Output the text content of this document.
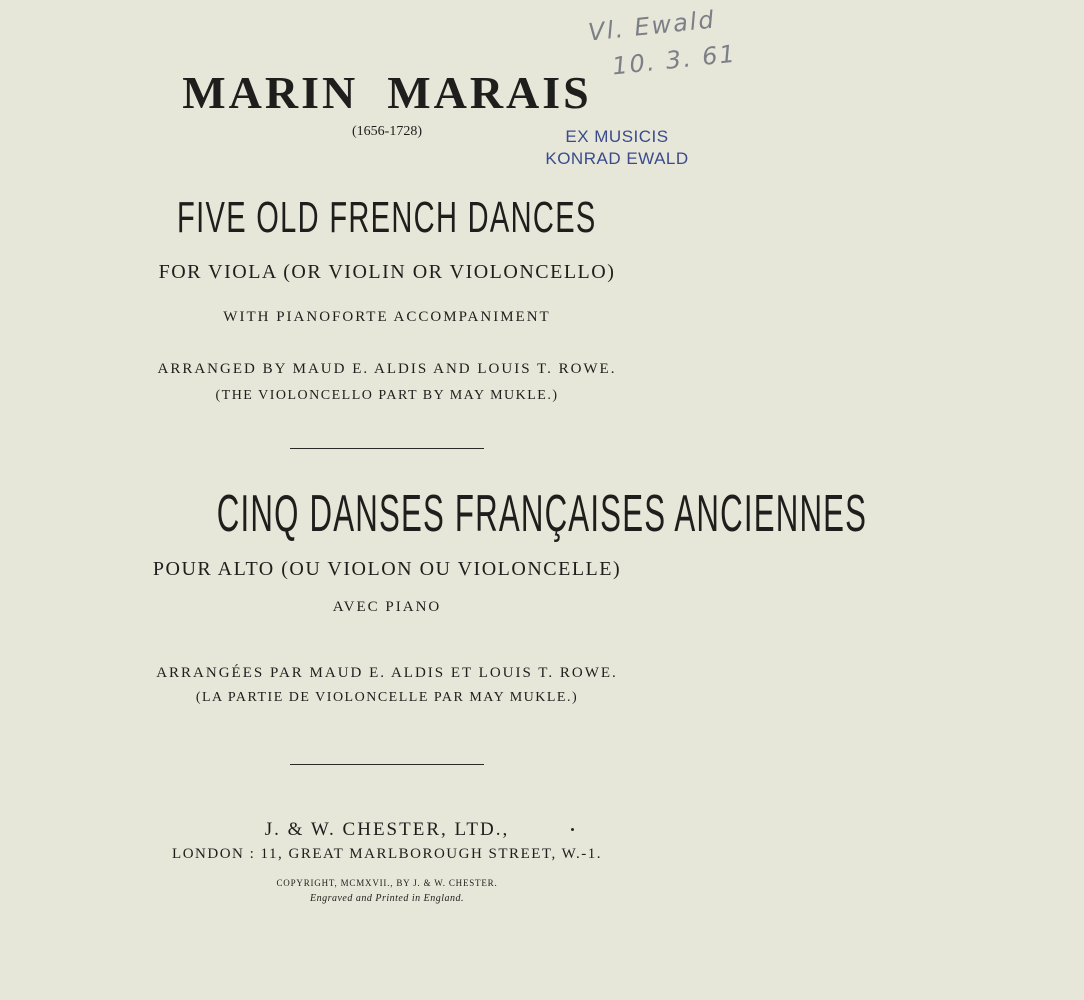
Vl. Ewald
10. 3. 61
EX MUSICIS
KONRAD EWALD
MARIN  MARAIS
(1656-1728)
FIVE OLD FRENCH DANCES
FOR VIOLA (OR VIOLIN OR VIOLONCELLO)
WITH PIANOFORTE ACCOMPANIMENT
ARRANGED BY MAUD E. ALDIS AND LOUIS T. ROWE.
(THE VIOLONCELLO PART BY MAY MUKLE.)
CINQ DANSES FRANÇAISES ANCIENNES
POUR ALTO (OU VIOLON OU VIOLONCELLE)
AVEC PIANO
ARRANGÉES PAR MAUD E. ALDIS ET LOUIS T. ROWE.
(LA PARTIE DE VIOLONCELLE PAR MAY MUKLE.)
J. & W. CHESTER, LTD.,
LONDON : 11, GREAT MARLBOROUGH STREET, W.-1.
COPYRIGHT, MCMXVII., BY J. & W. CHESTER.
Engraved and Printed in England.
